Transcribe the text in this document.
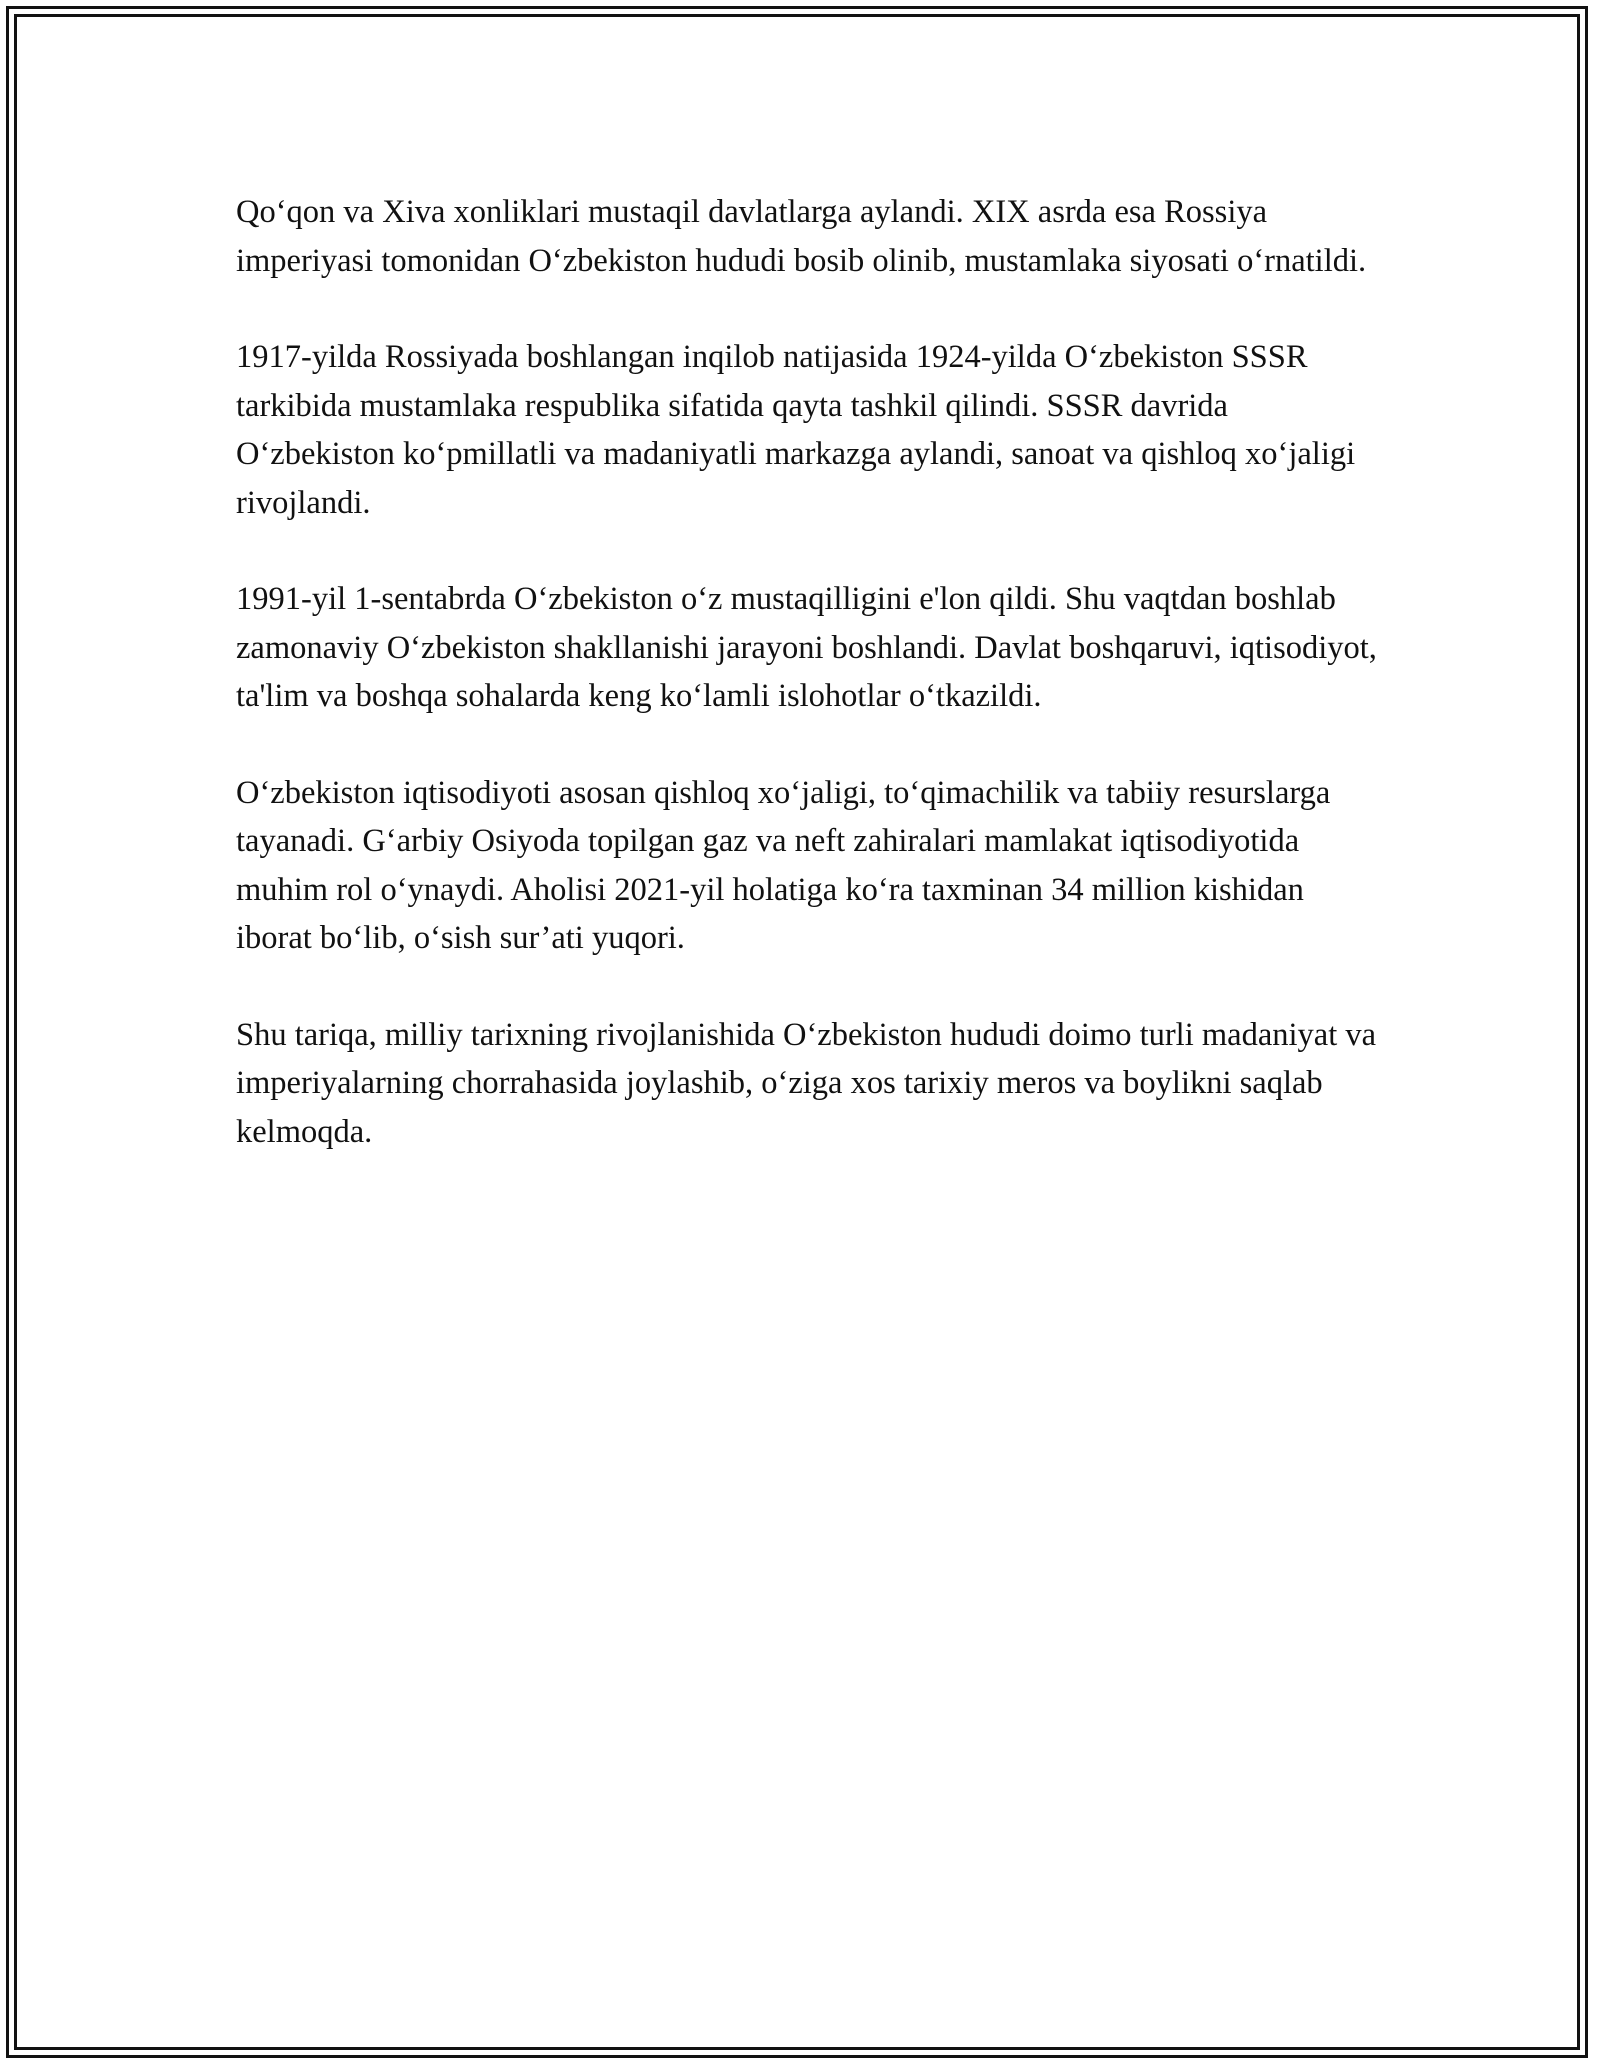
Qo‘qon va Xiva xonliklari mustaqil davlatlarga aylandi. XIX asrda esa Rossiya imperiyasi tomonidan O‘zbekiston hududi bosib olinib, mustamlaka siyosati o‘rnatildi.

1917-yilda Rossiyada boshlangan inqilob natijasida 1924-yilda O‘zbekiston SSSR tarkibida mustamlaka respublika sifatida qayta tashkil qilindi. SSSR davrida O‘zbekiston ko‘pmillatli va madaniyatli markazga aylandi, sanoat va qishloq xo‘jaligi rivojlandi.

1991-yil 1-sentabrda O‘zbekiston o‘z mustaqilligini e'lon qildi. Shu vaqtdan boshlab zamonaviy O‘zbekiston shakllanishi jarayoni boshlandi. Davlat boshqaruvi, iqtisodiyot, ta'lim va boshqa sohalarda keng ko‘lamli islohotlar o‘tkazildi.

O‘zbekiston iqtisodiyoti asosan qishloq xo‘jaligi, to‘qimachilik va tabiiy resurslarga tayanadi. G‘arbiy Osiyoda topilgan gaz va neft zahiralari mamlakat iqtisodiyotida muhim rol o‘ynaydi. Aholisi 2021-yil holatiga ko‘ra taxminan 34 million kishidan iborat bo‘lib, o‘sish sur’ati yuqori.

Shu tariqa, milliy tarixning rivojlanishida O‘zbekiston hududi doimo turli madaniyat va imperiyalarning chorrahasida joylashib, o‘ziga xos tarixiy meros va boylikni saqlab kelmoqda.
